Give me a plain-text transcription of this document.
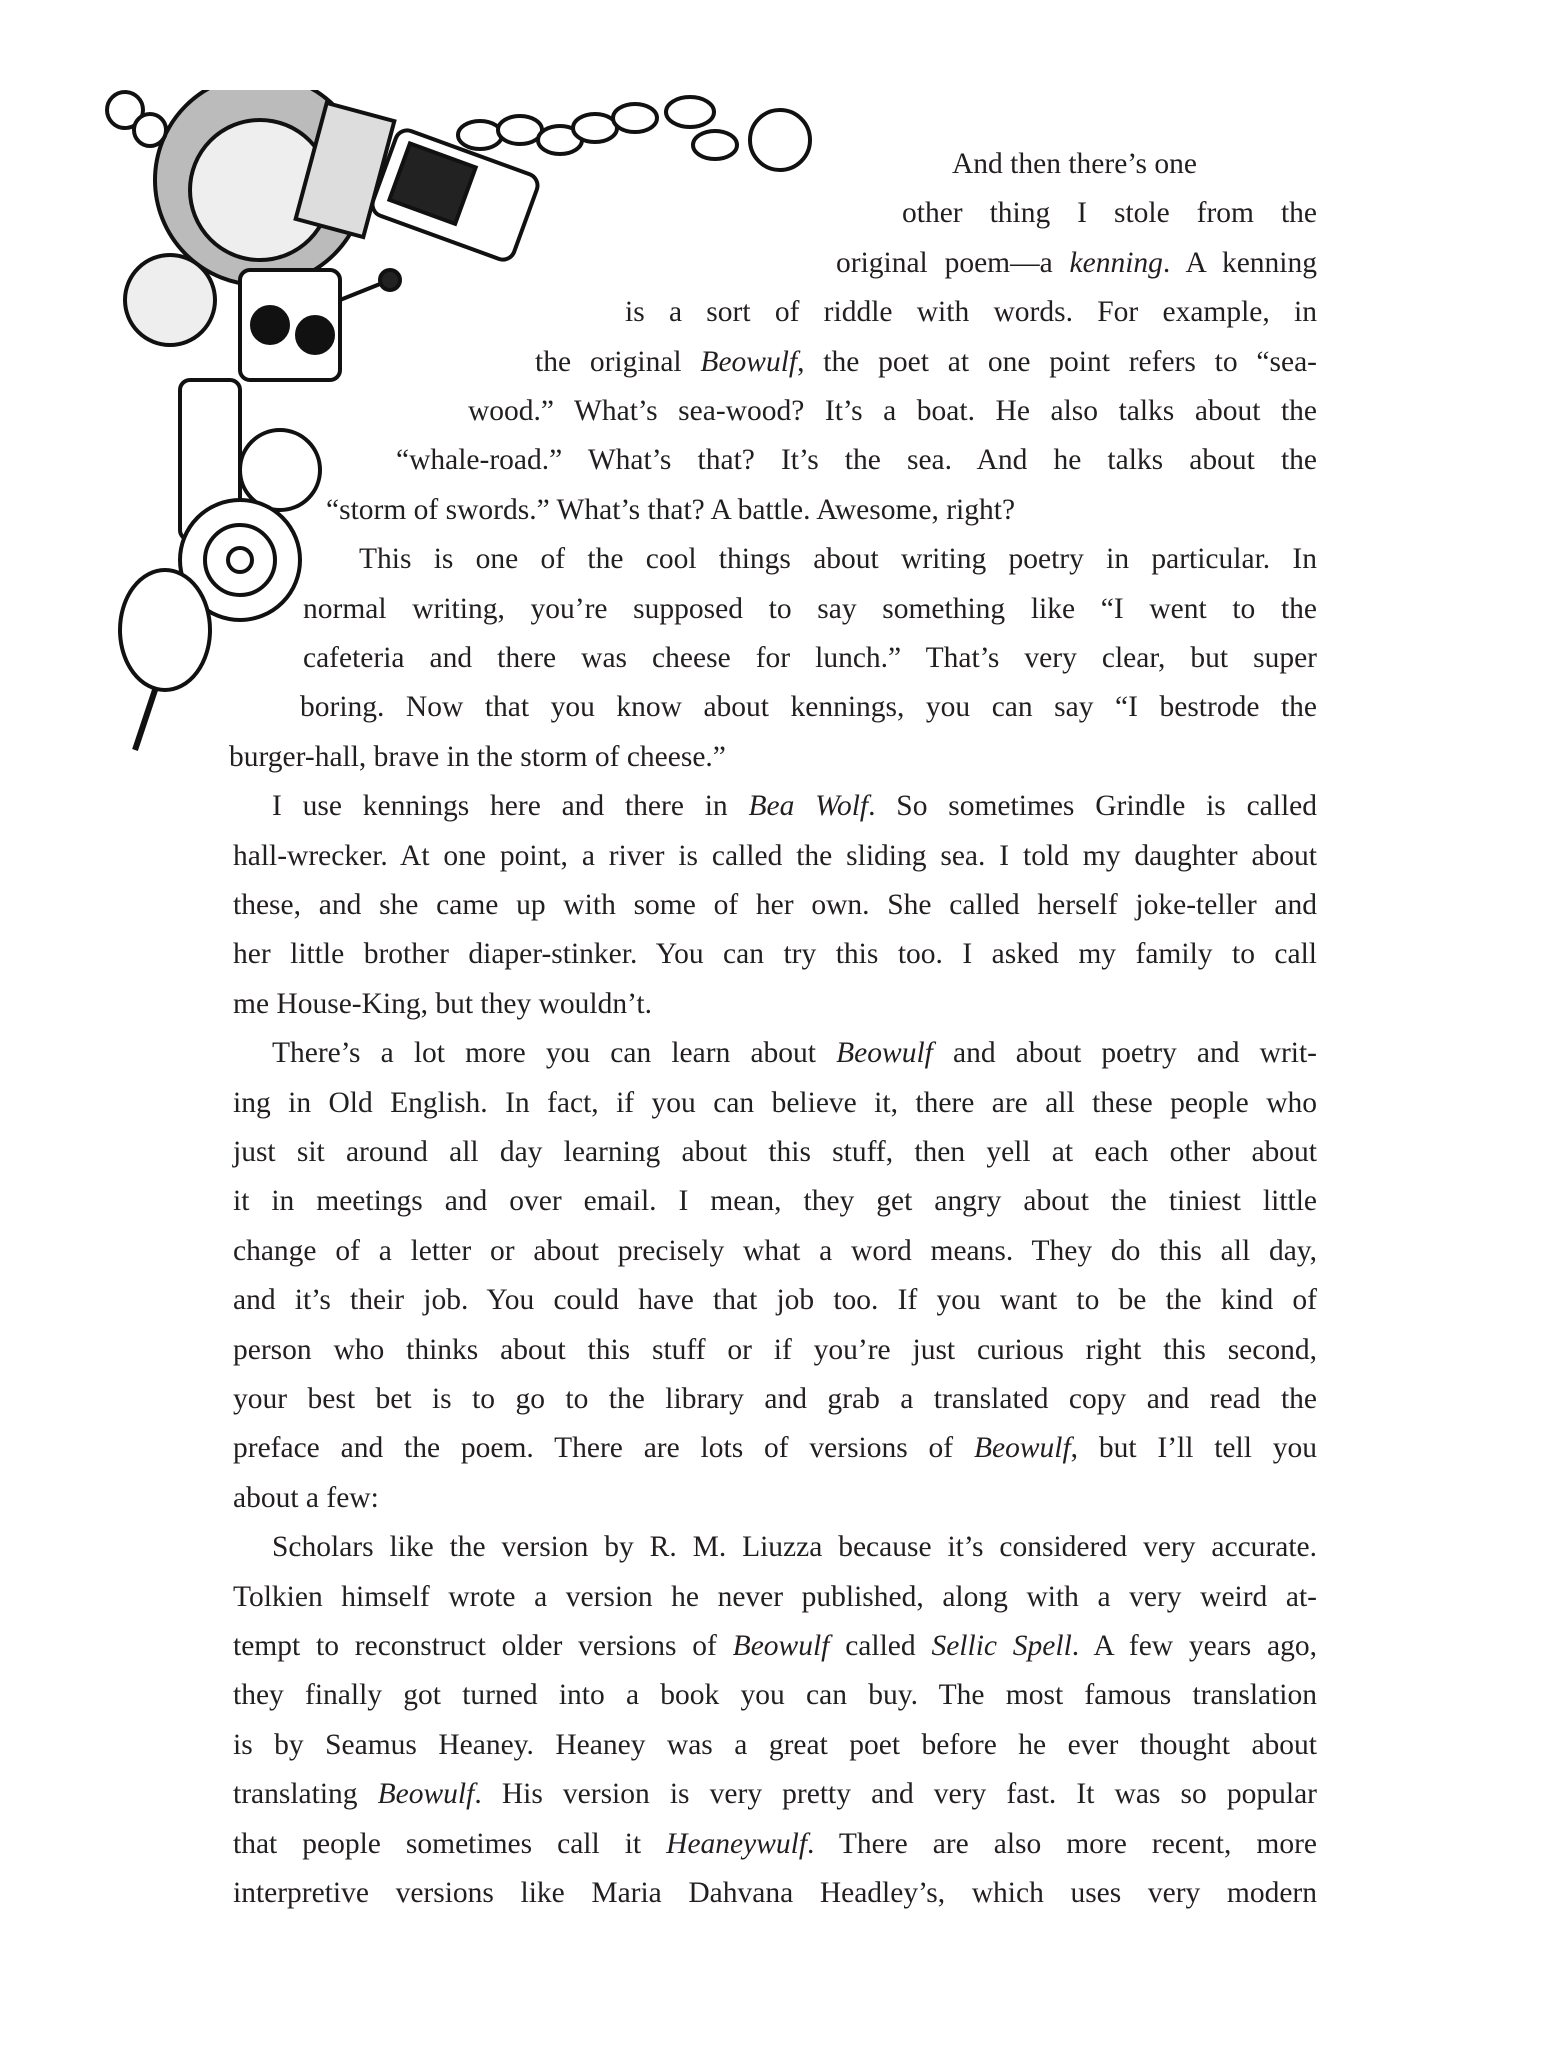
And then there’s one
other thing I stole from the
original poem—a kenning. A kenning
is a sort of riddle with words. For example, in
the original Beowulf, the poet at one point refers to “sea-
wood.” What’s sea-wood? It’s a boat. He also talks about the
“whale-road.” What’s that? It’s the sea. And he talks about the
“storm of swords.” What’s that? A battle. Awesome, right?
This is one of the cool things about writing poetry in particular. In
normal writing, you’re supposed to say something like “I went to the
cafeteria and there was cheese for lunch.” That’s very clear, but super
boring. Now that you know about kennings, you can say “I bestrode the
burger-hall, brave in the storm of cheese.”
I use kennings here and there in Bea Wolf. So sometimes Grindle is called
hall-wrecker. At one point, a river is called the sliding sea. I told my daughter about
these, and she came up with some of her own. She called herself joke-teller and
her little brother diaper-stinker. You can try this too. I asked my family to call
me House-King, but they wouldn’t.
There’s a lot more you can learn about Beowulf and about poetry and writ-
ing in Old English. In fact, if you can believe it, there are all these people who
just sit around all day learning about this stuff, then yell at each other about
it in meetings and over email. I mean, they get angry about the tiniest little
change of a letter or about precisely what a word means. They do this all day,
and it’s their job. You could have that job too. If you want to be the kind of
person who thinks about this stuff or if you’re just curious right this second,
your best bet is to go to the library and grab a translated copy and read the
preface and the poem. There are lots of versions of Beowulf, but I’ll tell you
about a few:
Scholars like the version by R. M. Liuzza because it’s considered very accurate.
Tolkien himself wrote a version he never published, along with a very weird at-
tempt to reconstruct older versions of Beowulf called Sellic Spell. A few years ago,
they finally got turned into a book you can buy. The most famous translation
is by Seamus Heaney. Heaney was a great poet before he ever thought about
translating Beowulf. His version is very pretty and very fast. It was so popular
that people sometimes call it Heaneywulf. There are also more recent, more
interpretive versions like Maria Dahvana Headley’s, which uses very modern
